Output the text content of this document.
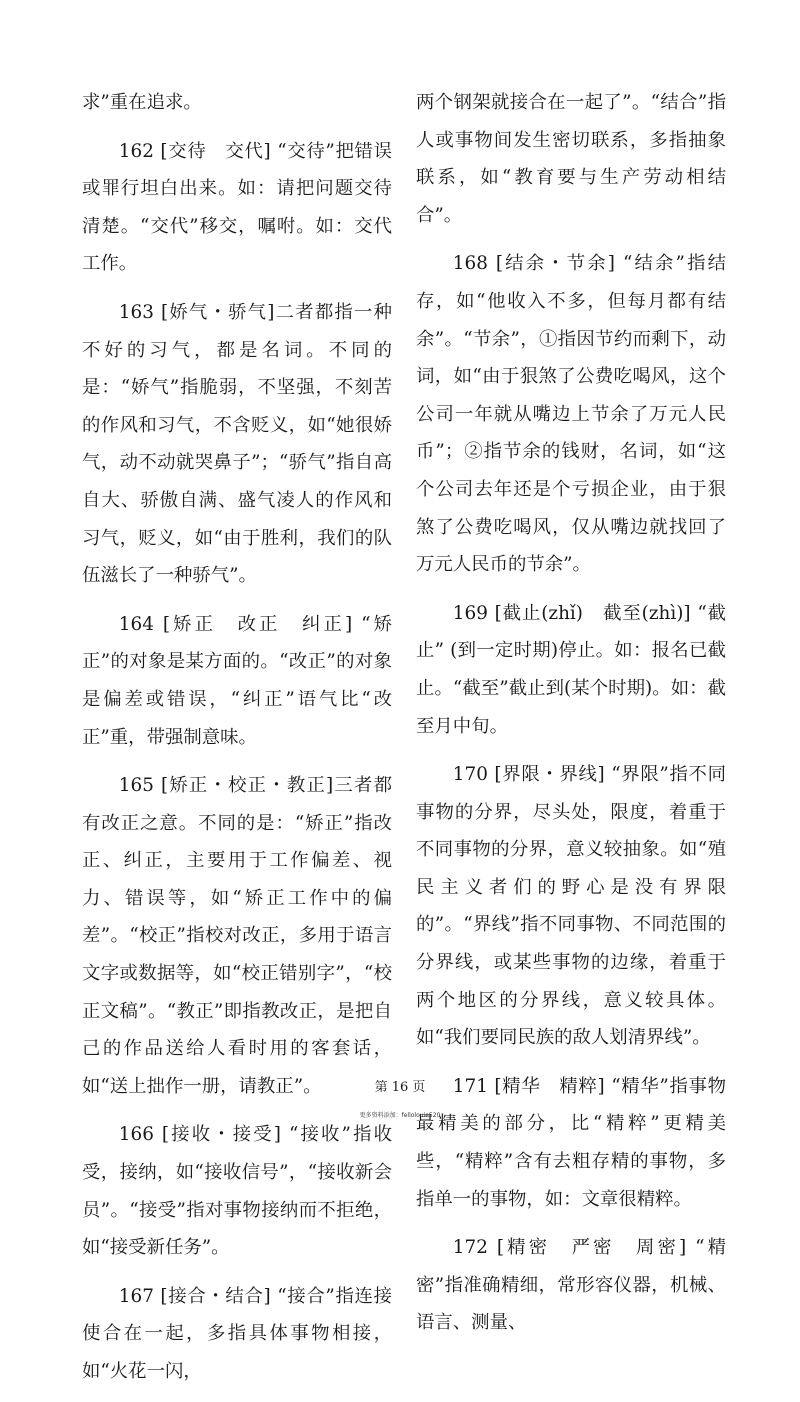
求”重在追求。

162 [交待　交代] “交待”把错误或罪行坦白出来。如：请把问题交待清楚。“交代”移交，嘱咐。如：交代工作。

163 [娇气・骄气]二者都指一种不好的习气，都是名词。不同的是：“娇气”指脆弱，不坚强，不刻苦的作风和习气，不含贬义，如“她很娇气，动不动就哭鼻子”；“骄气”指自高自大、骄傲自满、盛气凌人的作风和习气，贬义，如“由于胜利，我们的队伍滋长了一种骄气”。

164 [矫正　改正　纠正] “矫正”的对象是某方面的。“改正”的对象是偏差或错误，“纠正”语气比“改正”重，带强制意味。

165 [矫正・校正・教正]三者都有改正之意。不同的是：“矫正”指改正、纠正，主要用于工作偏差、视力、错误等，如“矫正工作中的偏差”。“校正”指校对改正，多用于语言文字或数据等，如“校正错别字”，“校正文稿”。“教正”即指教改正，是把自己的作品送给人看时用的客套话，如“送上拙作一册，请教正”。

166 [接收・接受] “接收”指收受，接纳，如“接收信号”，“接收新会员”。“接受”指对事物接纳而不拒绝，如“接受新任务”。

167 [接合・结合] “接合”指连接使合在一起，多指具体事物相接，如“火花一闪，

两个钢架就接合在一起了”。“结合”指人或事物间发生密切联系，多指抽象联系，如“教育要与生产劳动相结合”。

168 [结余・节余] “结余”指结存，如“他收入不多，但每月都有结余”。“节余”，①指因节约而剩下，动词，如“由于狠煞了公费吃喝风，这个公司一年就从嘴边上节余了万元人民币”；②指节余的钱财，名词，如“这个公司去年还是个亏损企业，由于狠煞了公费吃喝风，仅从嘴边就找回了万元人民币的节余”。

169 [截止(zhǐ)　截至(zhì)] “截止” (到一定时期)停止。如：报名已截止。“截至”截止到(某个时期)。如：截至月中旬。

170 [界限・界线] “界限”指不同事物的分界，尽头处，限度，着重于不同事物的分界，意义较抽象。如“殖民主义者们的野心是没有界限的”。“界线”指不同事物、不同范围的分界线，或某些事物的边缘，着重于两个地区的分界线，意义较具体。如“我们要同民族的敌人划清界线”。

171 [精华　精粹] “精华”指事物最精美的部分，比“精粹”更精美些，“精粹”含有去粗存精的事物，多指单一的事物，如：文章很精粹。

172 [精密　严密　周密] “精密”指准确精细，常形容仪器，机械、语言、测量、

第 16 页
更多资料添加：fellolouie520
